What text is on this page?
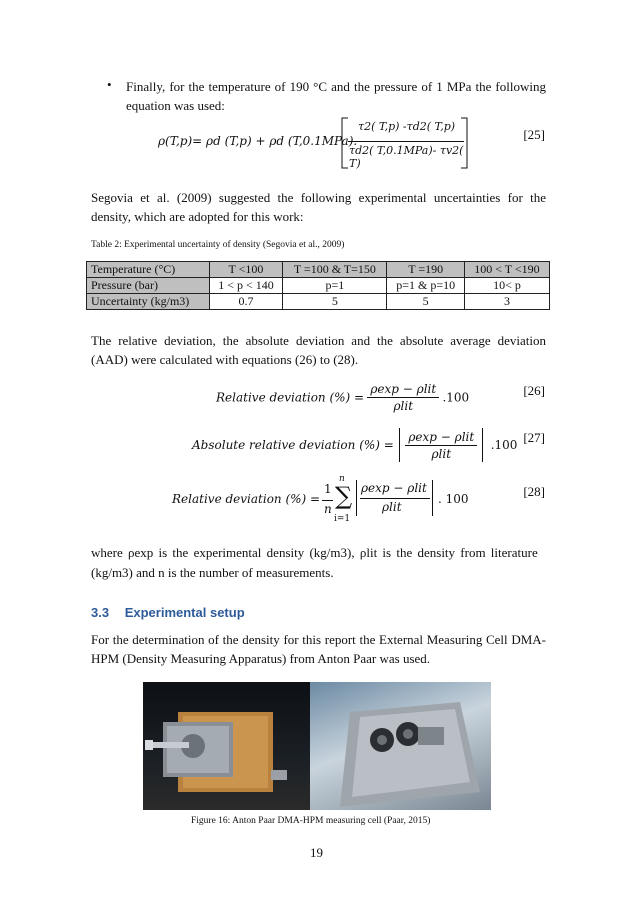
• Finally, for the temperature of 190 °C and the pressure of 1 MPa the following equation was used:
ρ(T,p)= ρd (T,p) + ρd (T,0.1MPa).
τ2( T,p) -τd2( T,p)
τd2( T,0.1MPa)- τv2( T)
[25]
Segovia et al. (2009) suggested the following experimental uncertainties for the density, which are adopted for this work:
Table 2: Experimental uncertainty of density (Segovia et al., 2009)
Temperature (°C)	T <100	T =100 & T=150	T =190	100 < T <190
Pressure (bar)	1 < p < 140	p=1	p=1 & p=10	10< p
Uncertainty (kg/m3)	0.7	5	5	3
The relative deviation, the absolute deviation and the absolute average deviation (AAD) were calculated with equations (26) to (28).
Relative deviation (%) = $\frac{\text{ρexp − ρlit}}{\text{ρlit}} .100$	[26]
Absolute relative deviation (%) = $\frac{\text{ρexp − ρlit}}{\text{ρlit}} .100$ [27]
Relative deviation (%) =
1
n
n
∑
i=1
ρexp − ρlit
ρlit
. 100	[28]
where ρexp is the experimental density (kg/m3), ρlit is the density from literature
(kg/m3) and n is the number of measurements.
3.3 Experimental setup
For the determination of the density for this report the External Measuring Cell DMA-HPM (Density Measuring Apparatus) from Anton Paar was used.
Figure 16: Anton Paar DMA-HPM measuring cell (Paar, 2015)
19
